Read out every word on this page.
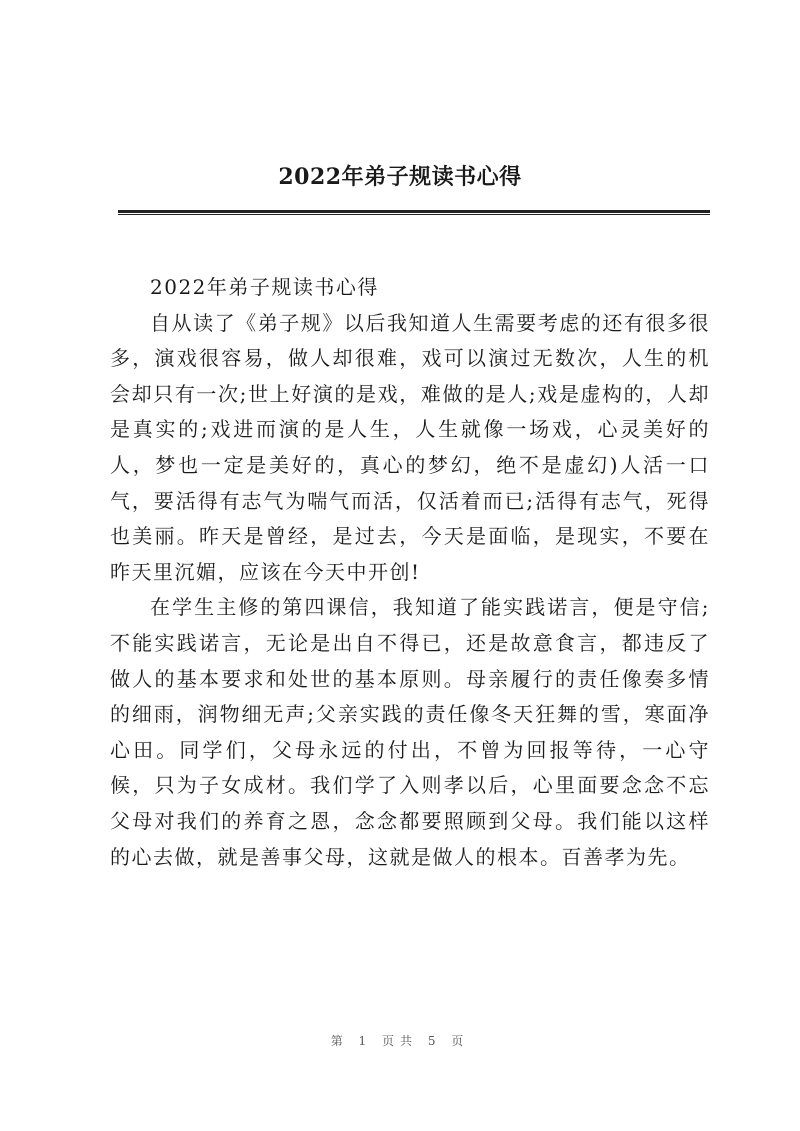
2022年弟子规读书心得

2022年弟子规读书心得

自从读了《弟子规》以后我知道人生需要考虑的还有很多很多，演戏很容易，做人却很难，戏可以演过无数次，人生的机会却只有一次;世上好演的是戏，难做的是人;戏是虚构的，人却是真实的;戏进而演的是人生，人生就像一场戏，心灵美好的人，梦也一定是美好的，真心的梦幻，绝不是虚幻)人活一口气，要活得有志气为喘气而活，仅活着而已;活得有志气，死得也美丽。昨天是曾经，是过去，今天是面临，是现实，不要在昨天里沉媚，应该在今天中开创!

在学生主修的第四课信，我知道了能实践诺言，便是守信;不能实践诺言，无论是出自不得已，还是故意食言，都违反了做人的基本要求和处世的基本原则。母亲履行的责任像奏多情的细雨，润物细无声;父亲实践的责任像冬天狂舞的雪，寒面净心田。同学们，父母永远的付出，不曾为回报等待，一心守候，只为子女成材。我们学了入则孝以后，心里面要念念不忘父母对我们的养育之恩，念念都要照顾到父母。我们能以这样的心去做，就是善事父母，这就是做人的根本。百善孝为先。

第 1 页共 5 页
